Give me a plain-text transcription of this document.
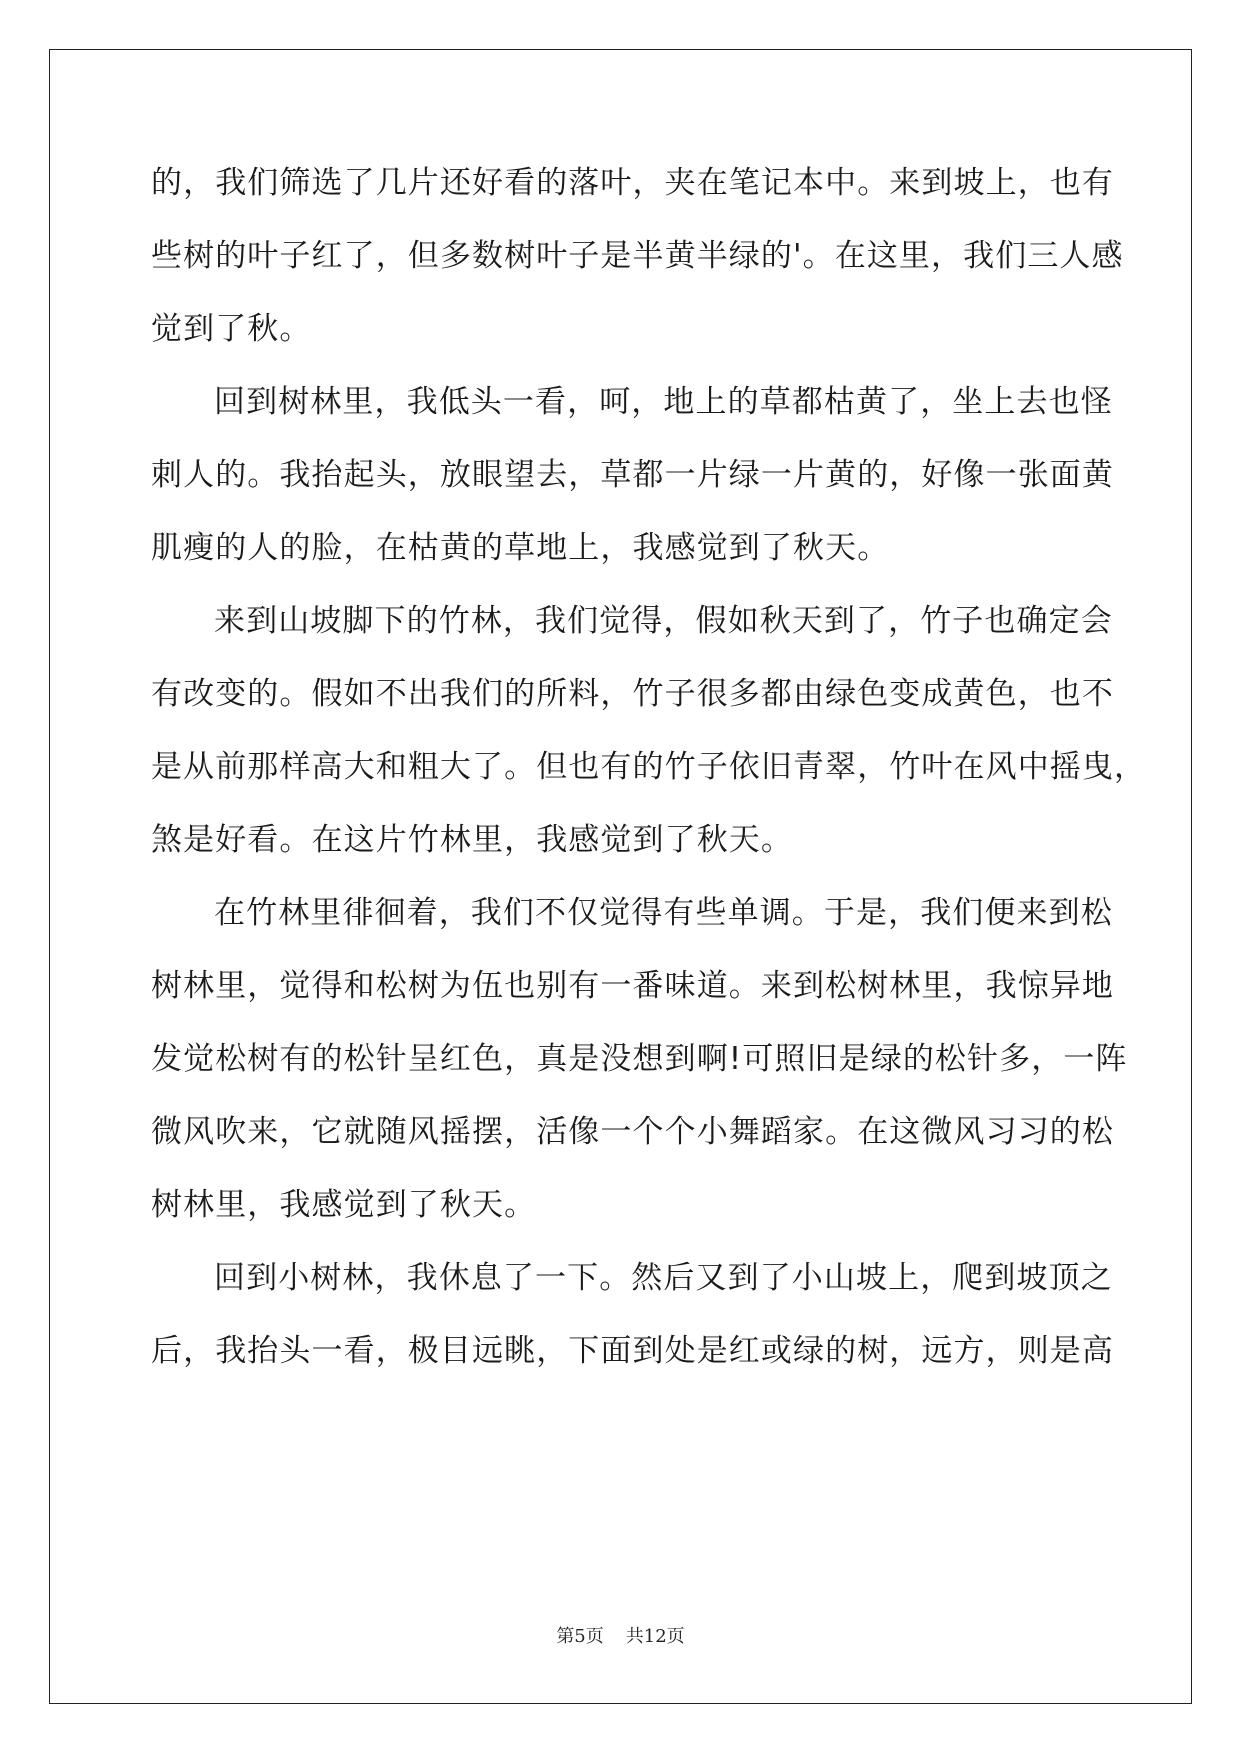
的，我们筛选了几片还好看的落叶，夹在笔记本中。来到坡上，也有
些树的叶子红了，但多数树叶子是半黄半绿的'。在这里，我们三人感
觉到了秋。
回到树林里，我低头一看，呵，地上的草都枯黄了，坐上去也怪
刺人的。我抬起头，放眼望去，草都一片绿一片黄的，好像一张面黄
肌瘦的人的脸，在枯黄的草地上，我感觉到了秋天。
来到山坡脚下的竹林，我们觉得，假如秋天到了，竹子也确定会
有改变的。假如不出我们的所料，竹子很多都由绿色变成黄色，也不
是从前那样高大和粗大了。但也有的竹子依旧青翠，竹叶在风中摇曳，
煞是好看。在这片竹林里，我感觉到了秋天。
在竹林里徘徊着，我们不仅觉得有些单调。于是，我们便来到松
树林里，觉得和松树为伍也别有一番味道。来到松树林里，我惊异地
发觉松树有的松针呈红色，真是没想到啊!可照旧是绿的松针多，一阵
微风吹来，它就随风摇摆，活像一个个小舞蹈家。在这微风习习的松
树林里，我感觉到了秋天。
回到小树林，我休息了一下。然后又到了小山坡上，爬到坡顶之
后，我抬头一看，极目远眺，下面到处是红或绿的树，远方，则是高
第5页 共12页
